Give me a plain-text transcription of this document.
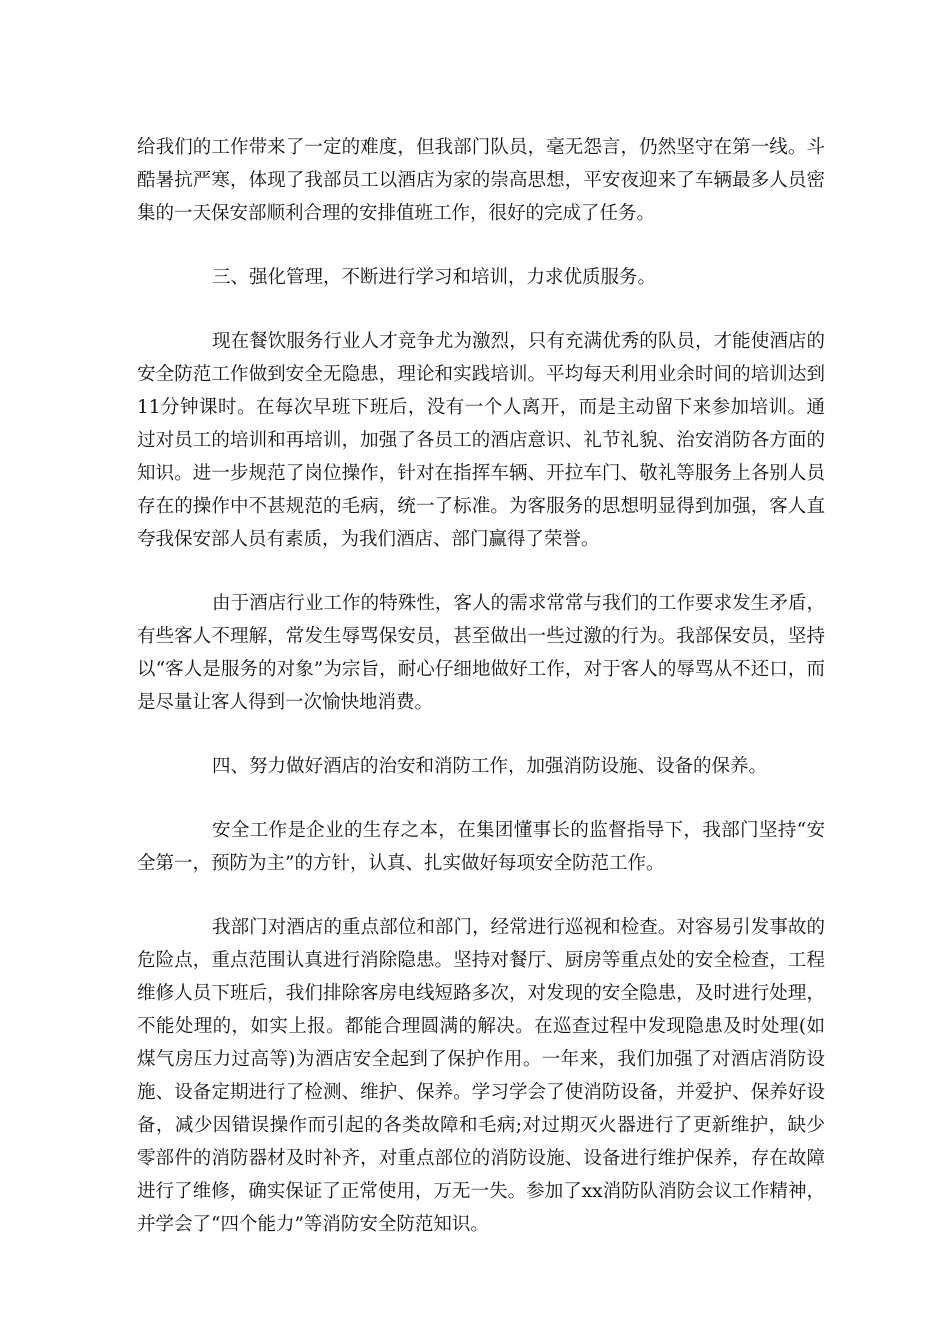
给我们的工作带来了一定的难度，但我部门队员，毫无怨言，仍然坚守在第一线。斗酷暑抗严寒，体现了我部员工以酒店为家的崇高思想，平安夜迎来了车辆最多人员密集的一天保安部顺利合理的安排值班工作，很好的完成了任务。

三、强化管理，不断进行学习和培训，力求优质服务。

现在餐饮服务行业人才竞争尤为激烈，只有充满优秀的队员，才能使酒店的安全防范工作做到安全无隐患，理论和实践培训。平均每天利用业余时间的培训达到11分钟课时。在每次早班下班后，没有一个人离开，而是主动留下来参加培训。通过对员工的培训和再培训，加强了各员工的酒店意识、礼节礼貌、治安消防各方面的知识。进一步规范了岗位操作，针对在指挥车辆、开拉车门、敬礼等服务上各别人员存在的操作中不甚规范的毛病，统一了标准。为客服务的思想明显得到加强，客人直夸我保安部人员有素质，为我们酒店、部门赢得了荣誉。

由于酒店行业工作的特殊性，客人的需求常常与我们的工作要求发生矛盾，有些客人不理解，常发生辱骂保安员，甚至做出一些过激的行为。我部保安员，坚持以“客人是服务的对象”为宗旨，耐心仔细地做好工作，对于客人的辱骂从不还口，而是尽量让客人得到一次愉快地消费。

四、努力做好酒店的治安和消防工作，加强消防设施、设备的保养。

安全工作是企业的生存之本，在集团懂事长的监督指导下，我部门坚持“安全第一，预防为主”的方针，认真、扎实做好每项安全防范工作。

我部门对酒店的重点部位和部门，经常进行巡视和检查。对容易引发事故的危险点，重点范围认真进行消除隐患。坚持对餐厅、厨房等重点处的安全检查，工程维修人员下班后，我们排除客房电线短路多次，对发现的安全隐患，及时进行处理，不能处理的，如实上报。都能合理圆满的解决。在巡查过程中发现隐患及时处理(如煤气房压力过高等)为酒店安全起到了保护作用。一年来，我们加强了对酒店消防设施、设备定期进行了检测、维护、保养。学习学会了使消防设备，并爱护、保养好设备，减少因错误操作而引起的各类故障和毛病;对过期灭火器进行了更新维护，缺少零部件的消防器材及时补齐，对重点部位的消防设施、设备进行维护保养，存在故障进行了维修，确实保证了正常使用，万无一失。参加了xx消防队消防会议工作精神，并学会了“四个能力”等消防安全防范知识。
